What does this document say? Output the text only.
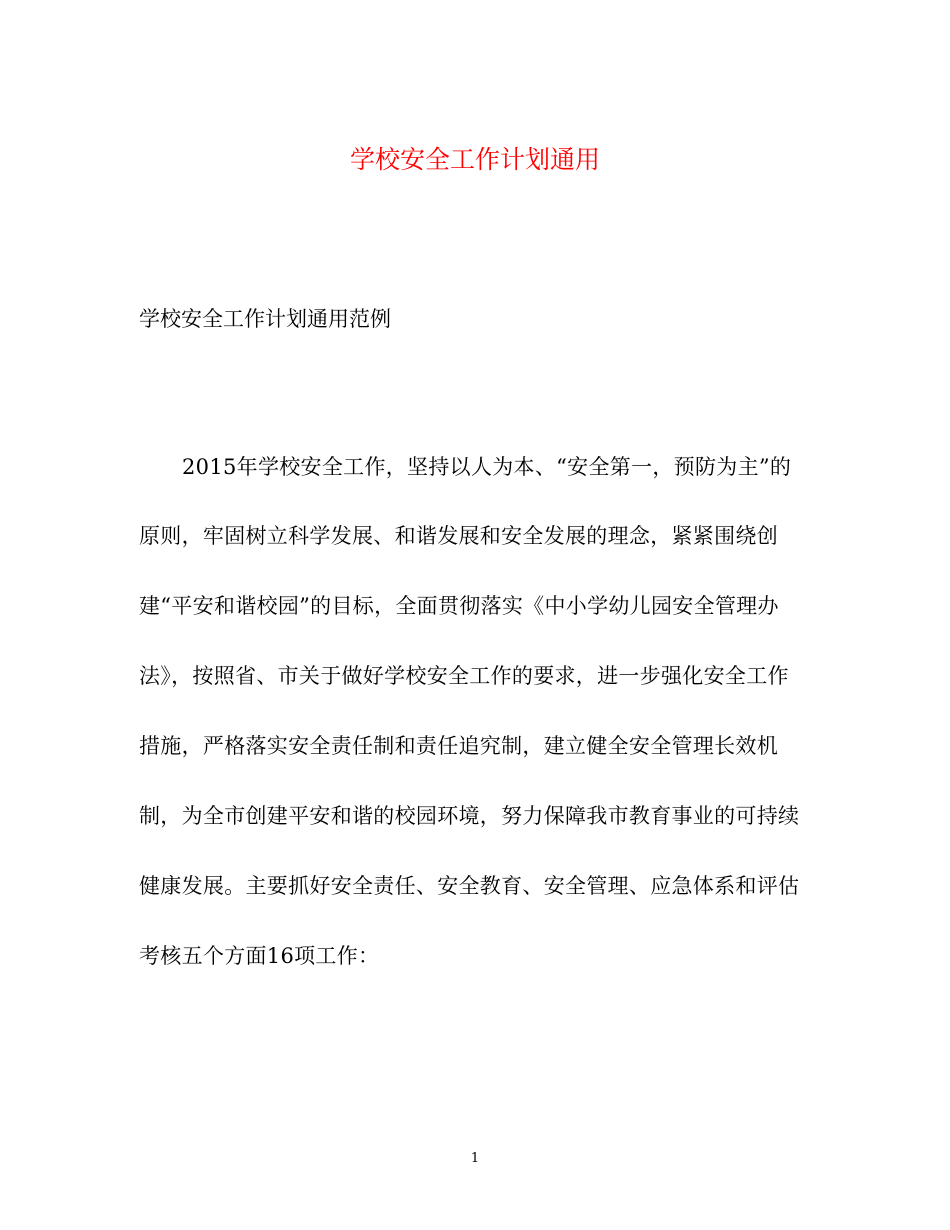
学校安全工作计划通用
学校安全工作计划通用范例
2015年学校安全工作，坚持以人为本、“安全第一，预防为主”的
原则，牢固树立科学发展、和谐发展和安全发展的理念，紧紧围绕创
建“平安和谐校园”的目标，全面贯彻落实《中小学幼儿园安全管理办
法》，按照省、市关于做好学校安全工作的要求，进一步强化安全工作
措施，严格落实安全责任制和责任追究制，建立健全安全管理长效机
制，为全市创建平安和谐的校园环境，努力保障我市教育事业的可持续
健康发展。主要抓好安全责任、安全教育、安全管理、应急体系和评估
考核五个方面16项工作：
1
